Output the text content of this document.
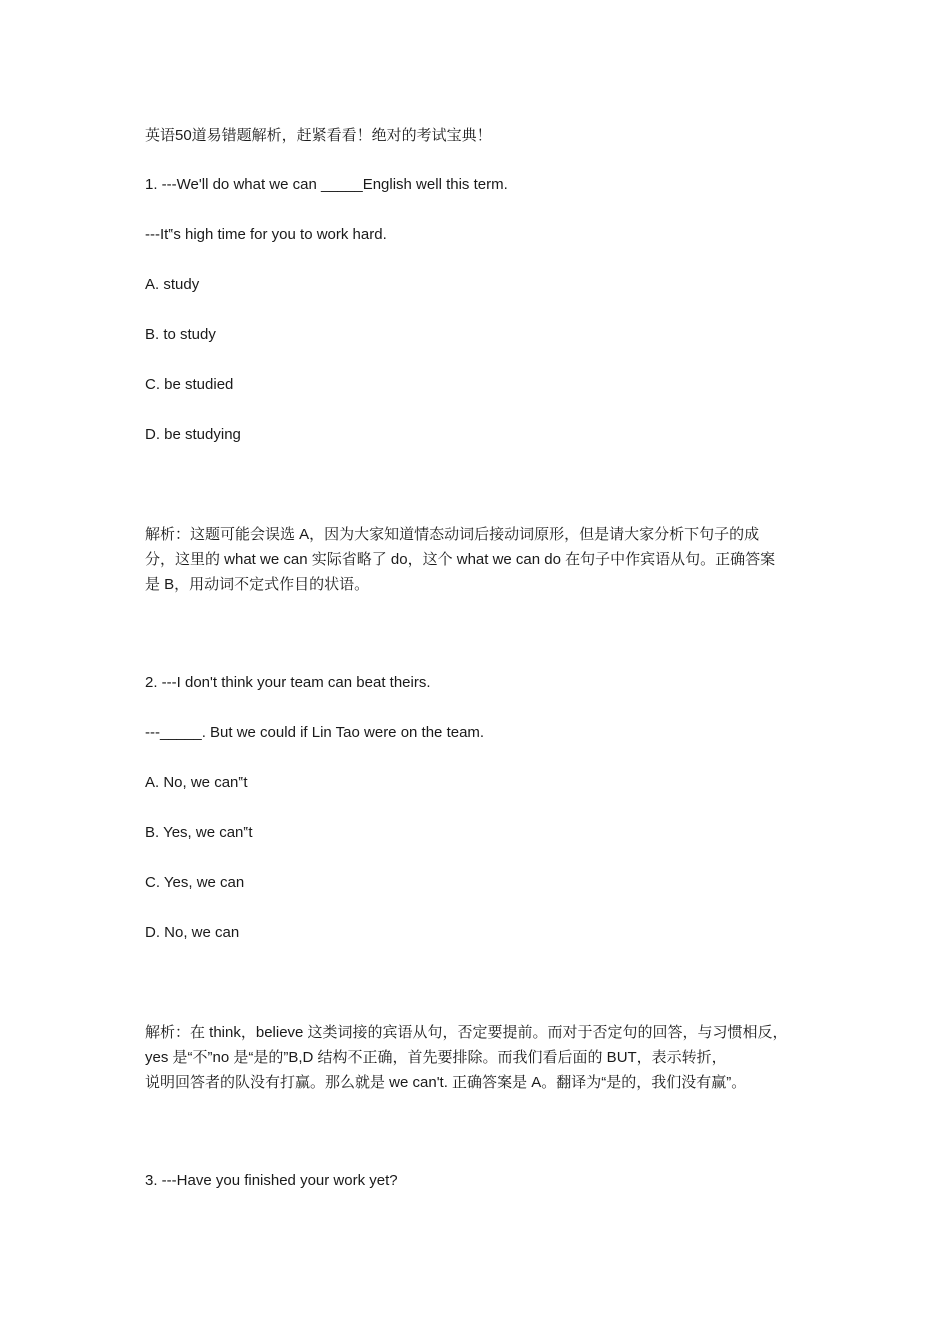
英语50道易错题解析，赶紧看看！绝对的考试宝典！

1. ---We'll do what we can _____English well this term.

---It‟s high time for you to work hard.

A. study

B. to study

C. be studied

D. be studying

解析：这题可能会误选 A，因为大家知道情态动词后接动词原形，但是请大家分析下句子的成
分，这里的 what we can 实际省略了 do，这个 what we can do 在句子中作宾语从句。正确答案
是 B，用动词不定式作目的状语。

2. ---I don't think your team can beat theirs.

---_____. But we could if Lin Tao were on the team.

A. No, we can‟t

B. Yes, we can‟t

C. Yes, we can

D. No, we can

解析：在 think，believe 这类词接的宾语从句，否定要提前。而对于否定句的回答，与习惯相反，
yes 是“不”no 是“是的”B,D 结构不正确，首先要排除。而我们看后面的 BUT，表示转折，
说明回答者的队没有打赢。那么就是 we can't. 正确答案是 A。翻译为“是的，我们没有赢”。

3. ---Have you finished your work yet?
